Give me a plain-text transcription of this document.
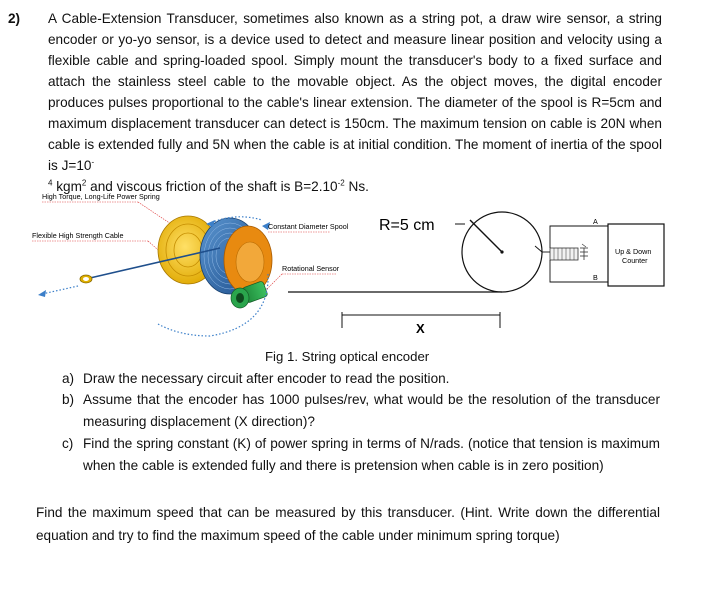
2) A Cable-Extension Transducer, sometimes also known as a string pot, a draw wire sensor, a string encoder or yo-yo sensor, is a device used to detect and measure linear position and velocity using a flexible cable and spring-loaded spool. Simply mount the transducer's body to a fixed surface and attach the stainless steel cable to the movable object. As the object moves, the digital encoder produces pulses proportional to the cable's linear extension. The diameter of the spool is R=5cm and maximum displacement transducer can detect is 150cm. The maximum tension on cable is 20N when cable is extended fully and 5N when the cable is at initial condition. The moment of inertia of the spool is J=10-
$^4$ kgm$^2$ and viscous friction of the shaft is $B=2.10^{-2}$ Ns.
High Torque, Long-Life Power Spring
Flexible High Strength Cable
Constant Diameter Spool
Rotational Sensor
R=5 cm
X
A
B
Up & Down
Counter
Fig 1. String optical encoder
a) Draw the necessary circuit after encoder to read the position.
b) Assume that the encoder has 1000 pulses/rev, what would be the resolution of the transducer measuring displacement (X direction)?
c) Find the spring constant (K) of power spring in terms of N/rads. (notice that tension is maximum when the cable is extended fully and there is pretension when cable is in zero position)
Find the maximum speed that can be measured by this transducer. (Hint. Write down the differential equation and try to find the maximum speed of the cable under minimum spring torque)
